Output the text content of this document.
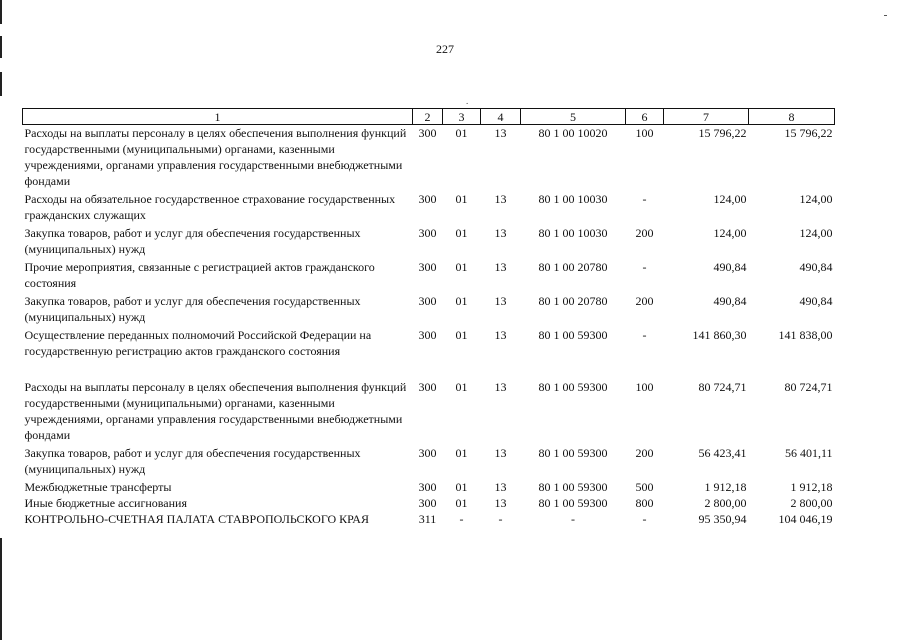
227
.
1	2	3	4	5	6	7	8
Расходы на выплаты персоналу в целях обеспечения выполнения функций государственными (муниципальными) органами, казенными учреждениями, органами управления государственными внебюджетными фондами	300	01	13	80 1 00 10020	100	15 796,22	15 796,22
Расходы на обязательное государственное страхование государственных гражданских служащих	300	01	13	80 1 00 10030	-	124,00	124,00
Закупка товаров, работ и услуг для обеспечения государственных (муниципальных) нужд	300	01	13	80 1 00 10030	200	124,00	124,00
Прочие мероприятия, связанные с регистрацией актов гражданского состояния	300	01	13	80 1 00 20780	-	490,84	490,84
Закупка товаров, работ и услуг для обеспечения государственных (муниципальных) нужд	300	01	13	80 1 00 20780	200	490,84	490,84
Осуществление переданных полномочий Российской Федерации на государственную регистрацию актов гражданского состояния	300	01	13	80 1 00 59300	-	141 860,30	141 838,00
Расходы на выплаты персоналу в целях обеспечения выполнения функций государственными (муниципальными) органами, казенными учреждениями, органами управления государственными внебюджетными фондами	300	01	13	80 1 00 59300	100	80 724,71	80 724,71
Закупка товаров, работ и услуг для обеспечения государственных (муниципальных) нужд	300	01	13	80 1 00 59300	200	56 423,41	56 401,11
Межбюджетные трансферты	300	01	13	80 1 00 59300	500	1 912,18	1 912,18
Иные бюджетные ассигнования	300	01	13	80 1 00 59300	800	2 800,00	2 800,00
КОНТРОЛЬНО-СЧЕТНАЯ ПАЛАТА СТАВРОПОЛЬСКОГО КРАЯ	311	-	-	-	-	95 350,94	104 046,19
